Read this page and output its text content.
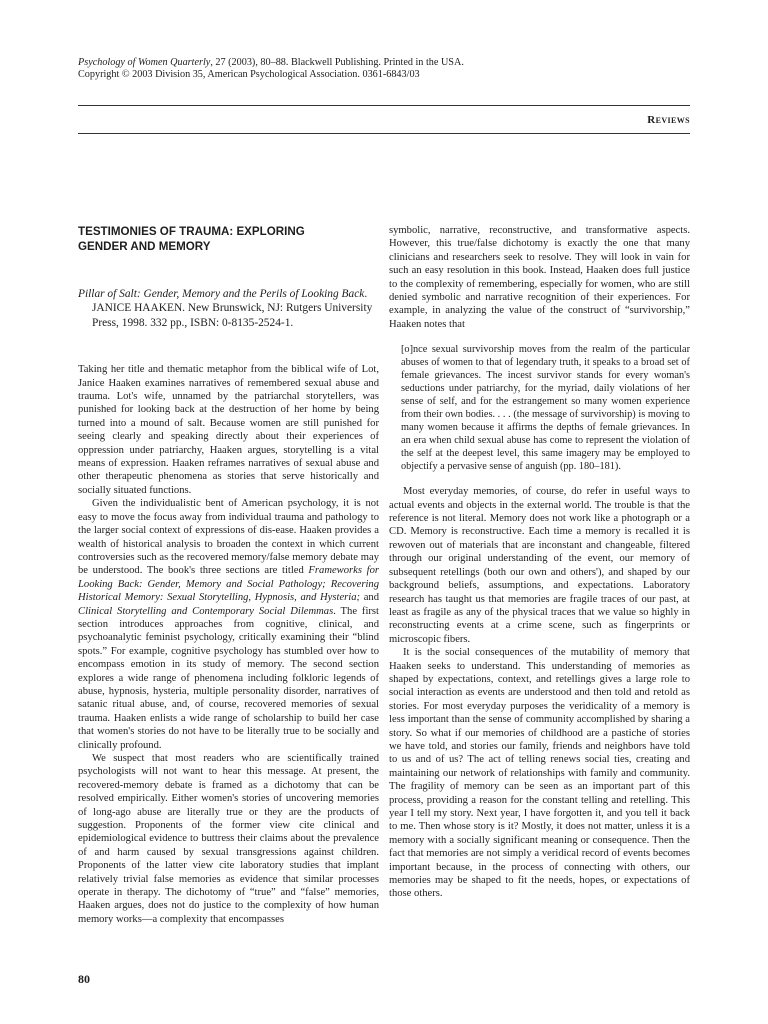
Psychology of Women Quarterly, 27 (2003), 80–88. Blackwell Publishing. Printed in the USA.
Copyright © 2003 Division 35, American Psychological Association. 0361-6843/03
Reviews
TESTIMONIES OF TRAUMA: EXPLORING
GENDER AND MEMORY
Pillar of Salt: Gender, Memory and the Perils of Looking Back. JANICE HAAKEN. New Brunswick, NJ: Rutgers University Press, 1998. 332 pp., ISBN: 0-8135-2524-1.

Taking her title and thematic metaphor from the biblical wife of Lot, Janice Haaken examines narratives of remembered sexual abuse and trauma. Lot's wife, unnamed by the patriarchal storytellers, was punished for looking back at the destruction of her home by being turned into a mound of salt. Because women are still punished for seeing clearly and speaking directly about their experiences of oppression under patriarchy, Haaken argues, storytelling is a vital means of expression. Haaken reframes narratives of sexual abuse and other therapeutic phenomena as stories that serve historically and socially situated functions.

Given the individualistic bent of American psychology, it is not easy to move the focus away from individual trauma and pathology to the larger social context of expressions of dis-ease. Haaken provides a wealth of historical analysis to broaden the context in which current controversies such as the recovered memory/false memory debate may be understood. The book's three sections are titled Frameworks for Looking Back: Gender, Memory and Social Pathology; Recovering Historical Memory: Sexual Storytelling, Hypnosis, and Hysteria; and Clinical Storytelling and Contemporary Social Dilemmas. The first section introduces approaches from cognitive, clinical, and psychoanalytic feminist psychology, critically examining their “blind spots.” For example, cognitive psychology has stumbled over how to encompass emotion in its study of memory. The second section explores a wide range of phenomena including folkloric legends of abuse, hypnosis, hysteria, multiple personality disorder, narratives of satanic ritual abuse, and, of course, recovered memories of sexual trauma. Haaken enlists a wide range of scholarship to build her case that women's stories do not have to be literally true to be socially and clinically profound.

We suspect that most readers who are scientifically trained psychologists will not want to hear this message. At present, the recovered-memory debate is framed as a dichotomy that can be resolved empirically. Either women's stories of uncovering memories of long-ago abuse are literally true or they are the products of suggestion. Proponents of the former view cite clinical and epidemiological evidence to buttress their claims about the prevalence of and harm caused by sexual transgressions against children. Proponents of the latter view cite laboratory studies that implant relatively trivial false memories as evidence that similar processes operate in therapy. The dichotomy of “true” and “false” memories, Haaken argues, does not do justice to the complexity of how human memory works—a complexity that encompasses

symbolic, narrative, reconstructive, and transformative aspects. However, this true/false dichotomy is exactly the one that many clinicians and researchers seek to resolve. They will look in vain for such an easy resolution in this book. Instead, Haaken does full justice to the complexity of remembering, especially for women, who are still denied symbolic and narrative recognition of their experiences. For example, in analyzing the value of the construct of “survivorship,” Haaken notes that

[o]nce sexual survivorship moves from the realm of the particular abuses of women to that of legendary truth, it speaks to a broad set of female grievances. The incest survivor stands for every woman's seductions under patriarchy, for the myriad, daily violations of her sense of self, and for the estrangement so many women experience from their own bodies. . . . (the message of survivorship) is moving to many women because it affirms the depths of female grievances. In an era when child sexual abuse has come to represent the violation of the self at the deepest level, this same imagery may be employed to objectify a pervasive sense of anguish (pp. 180–181).

Most everyday memories, of course, do refer in useful ways to actual events and objects in the external world. The trouble is that the reference is not literal. Memory does not work like a photograph or a CD. Memory is reconstructive. Each time a memory is recalled it is rewoven out of materials that are inconstant and changeable, filtered through our original understanding of the event, our memory of subsequent retellings (both our own and others'), and shaped by our background beliefs, assumptions, and expectations. Laboratory research has taught us that memories are fragile traces of our past, at least as fragile as any of the physical traces that we value so highly in reconstructing events at a crime scene, such as fingerprints or microscopic fibers.

It is the social consequences of the mutability of memory that Haaken seeks to understand. This understanding of memories as shaped by expectations, context, and retellings gives a large role to social interaction as events are understood and then told and retold as stories. For most everyday purposes the veridicality of a memory is less important than the sense of community accomplished by sharing a story. So what if our memories of childhood are a pastiche of stories we have told, and stories our family, friends and neighbors have told to us and of us? The act of telling renews social ties, creating and maintaining our network of relationships with family and community. The fragility of memory can be seen as an important part of this process, providing a reason for the constant telling and retelling. This year I tell my story. Next year, I have forgotten it, and you tell it back to me. Then whose story is it? Mostly, it does not matter, unless it is a memory with a socially significant meaning or consequence. Then the fact that memories are not simply a veridical record of events becomes important because, in the process of connecting with others, our memories may be shaped to fit the needs, hopes, or expectations of those others.

80
